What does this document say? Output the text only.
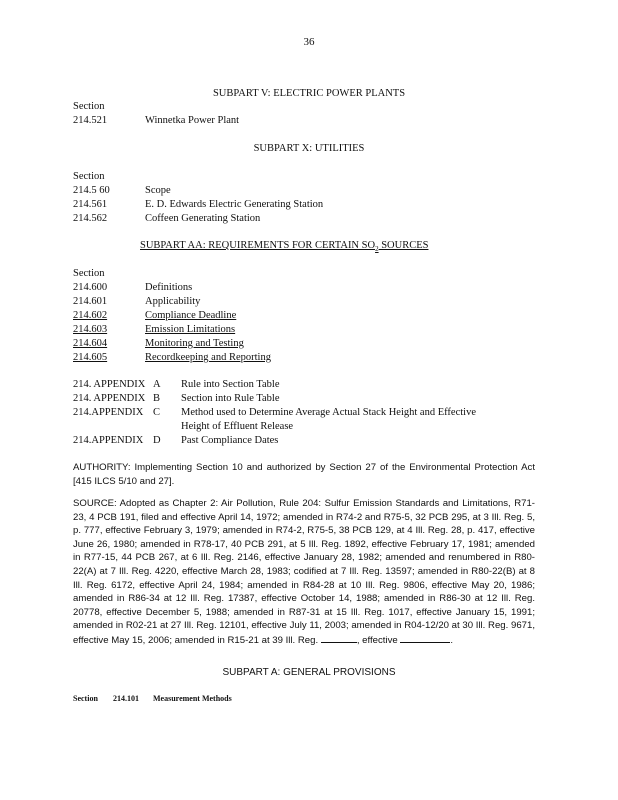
36
SUBPART V: ELECTRIC POWER PLANTS
Section
214.521	Winnetka Power Plant
SUBPART X: UTILITIES
Section
214.5 60	Scope
214.561	E. D. Edwards Electric Generating Station
214.562	Coffeen Generating Station
SUBPART AA: REQUIREMENTS FOR CERTAIN $SO_2$ SOURCES
Section
214.600	Definitions
214.601	Applicability
214.602	Compliance Deadline
214.603	Emission Limitations
214.604	Monitoring and Testing
214.605	Recordkeeping and Reporting
214. APPENDIX A Rule into Section Table
214. APPENDIX B Section into Rule Table
214.APPENDIX C Method used to Determine Average Actual Stack Height and Effective
Height of Effluent Release
214.APPENDIX D Past Compliance Dates
AUTHORITY: Implementing Section 10 and authorized by Section 27 of the Environmental Protection Act [415 ILCS 5/10 and 27].
SOURCE: Adopted as Chapter 2: Air Pollution, Rule 204: Sulfur Emission Standards and Limitations, R71-23, 4 PCB 191, filed and effective April 14, 1972; amended in R74-2 and R75-5, 32 PCB 295, at 3 Ill. Reg. 5, p. 777, effective February 3, 1979; amended in R74-2, R75-5, 38 PCB 129, at 4 Ill. Reg. 28, p. 417, effective June 26, 1980; amended in R78-17, 40 PCB 291, at 5 Ill. Reg. 1892, effective February 17, 1981; amended in R77-15, 44 PCB 267, at 6 Ill. Reg. 2146, effective January 28, 1982; amended and renumbered in R80-22(A) at 7 Ill. Reg. 4220, effective March 28, 1983; codified at 7 Ill. Reg. 13597; amended in R80-22(B) at 8 Ill. Reg. 6172, effective April 24, 1984; amended in R84-28 at 10 Ill. Reg. 9806, effective May 20, 1986; amended in R86-34 at 12 Ill. Reg. 17387, effective October 14, 1988; amended in R86-30 at 12 Ill. Reg. 20778, effective December 5, 1988; amended in R87-31 at 15 Ill. Reg. 1017, effective January 15, 1991; amended in R02-21 at 27 Ill. Reg. 12101, effective July 11, 2003; amended in R04-12/20 at 30 Ill. Reg. 9671, effective May 15, 2006; amended in R15-21 at 39 Ill. Reg.	, effective	.
SUBPART A: GENERAL PROVISIONS
Section 214.101 Measurement Methods
